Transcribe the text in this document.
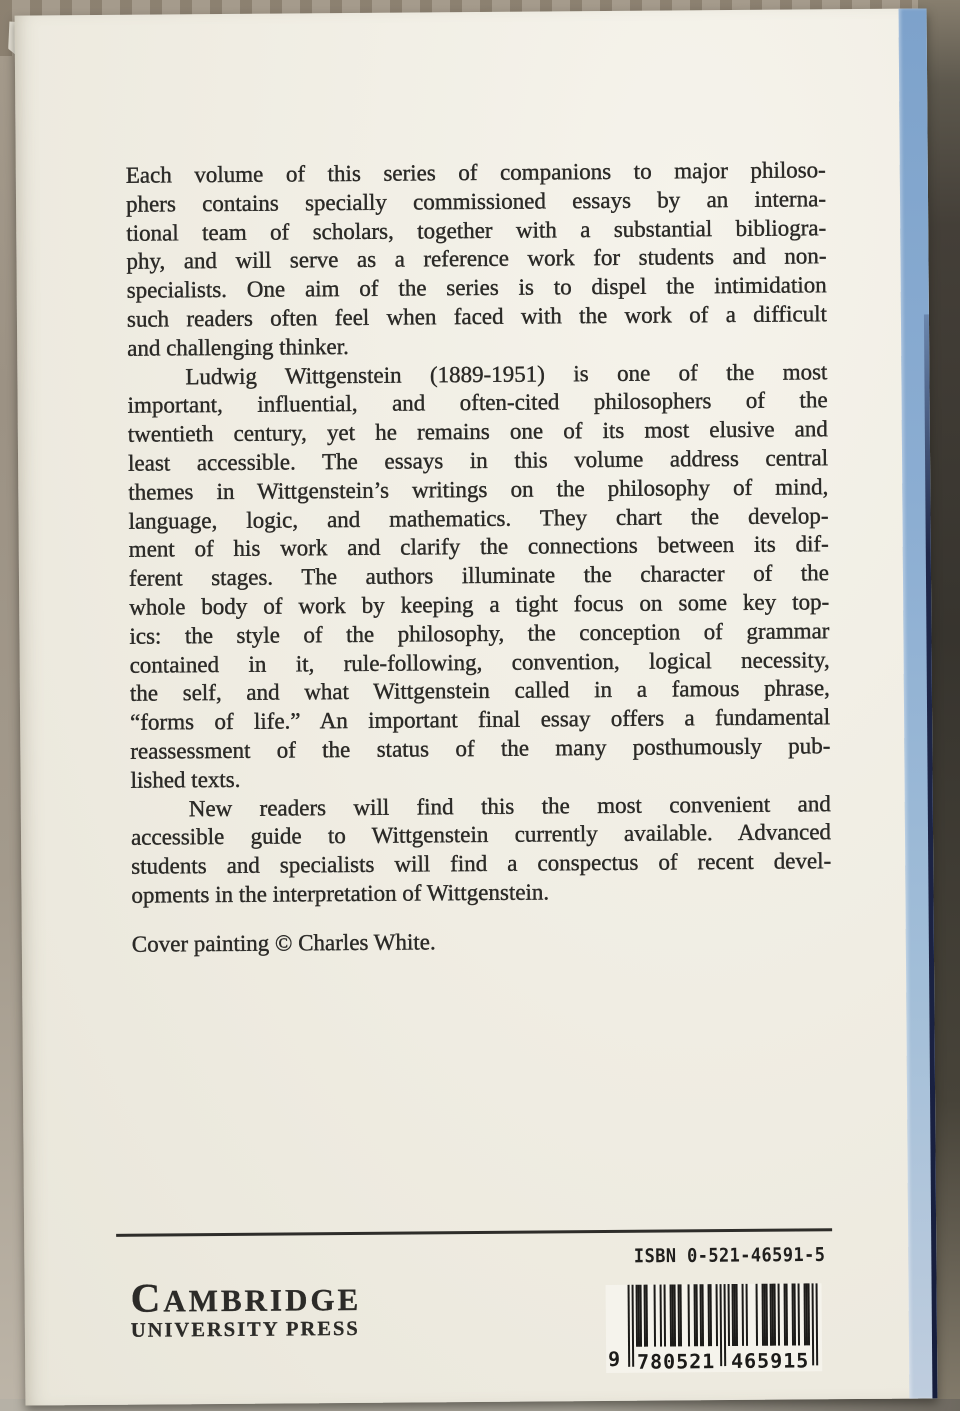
Each volume of this series of companions to major philoso-
phers contains specially commissioned essays by an interna-
tional team of scholars, together with a substantial bibliogra-
phy, and will serve as a reference work for students and non-
specialists. One aim of the series is to dispel the intimidation
such readers often feel when faced with the work of a difficult
and challenging thinker.
Ludwig Wittgenstein (1889-1951) is one of the most
important, influential, and often-cited philosophers of the
twentieth century, yet he remains one of its most elusive and
least accessible. The essays in this volume address central
themes in Wittgenstein’s writings on the philosophy of mind,
language, logic, and mathematics. They chart the develop-
ment of his work and clarify the connections between its dif-
ferent stages. The authors illuminate the character of the
whole body of work by keeping a tight focus on some key top-
ics: the style of the philosophy, the conception of grammar
contained in it, rule-following, convention, logical necessity,
the self, and what Wittgenstein called in a famous phrase,
“forms of life.” An important final essay offers a fundamental
reassessment of the status of the many posthumously pub-
lished texts.
New readers will find this the most convenient and
accessible guide to Wittgenstein currently available. Advanced
students and specialists will find a conspectus of recent devel-
opments in the interpretation of Wittgenstein.
Cover painting © Charles White.
CAMBRIDGE
UNIVERSITY PRESS
ISBN 0-521-46591-5
9 780521 465915
